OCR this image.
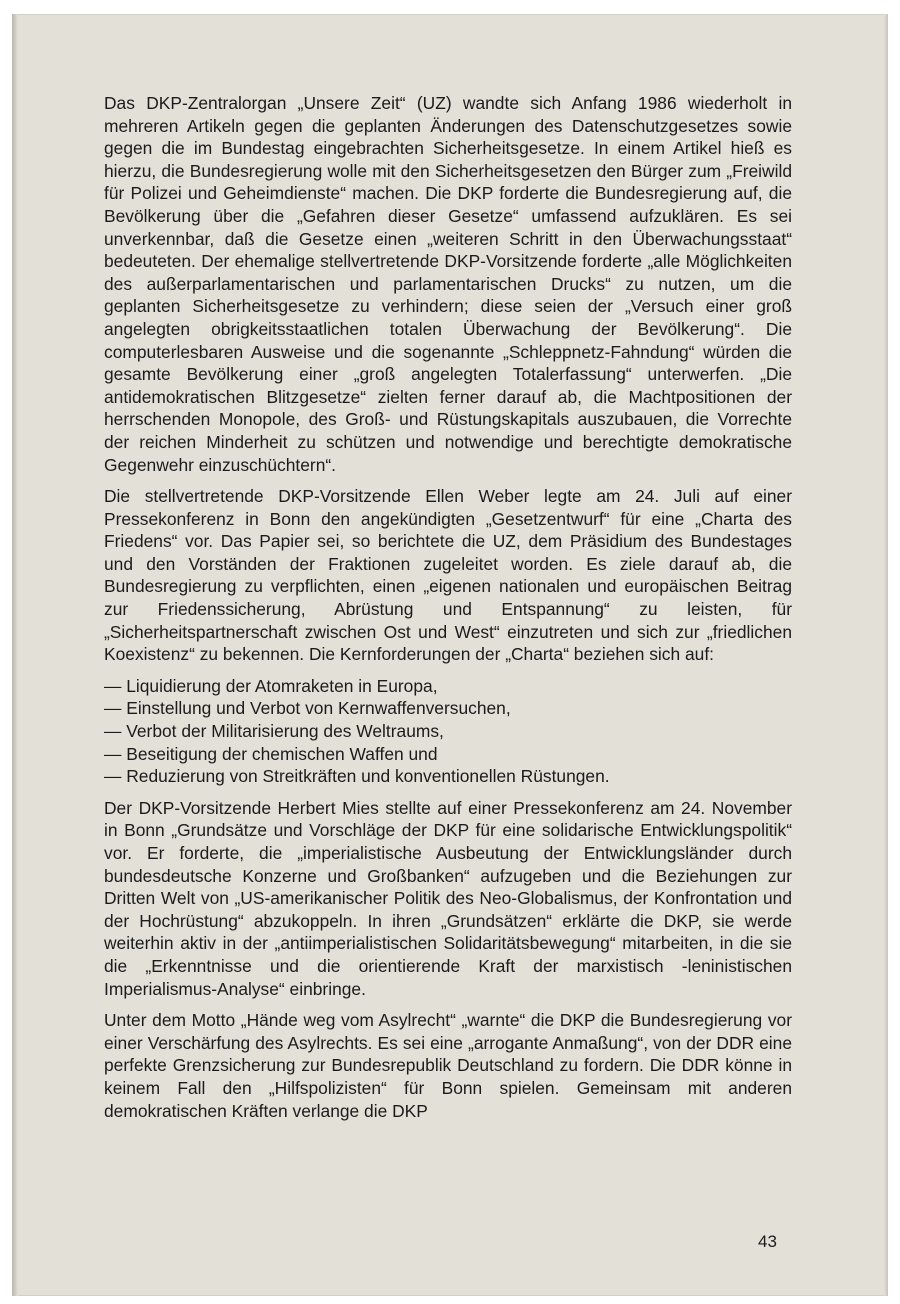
Das DKP-Zentralorgan „Unsere Zeit“ (UZ) wandte sich Anfang 1986 wiederholt in mehreren Artikeln gegen die geplanten Änderungen des Datenschutzgesetzes sowie gegen die im Bundestag eingebrachten Sicherheitsgesetze. In einem Artikel hieß es hierzu, die Bundesregierung wolle mit den Sicherheitsgesetzen den Bürger zum „Freiwild für Polizei und Geheimdienste“ machen. Die DKP forderte die Bundesregierung auf, die Bevölkerung über die „Gefahren dieser Gesetze“ umfassend aufzuklären. Es sei unverkennbar, daß die Gesetze einen „weiteren Schritt in den Überwachungsstaat“ bedeuteten. Der ehemalige stellvertretende DKP-Vorsitzende forderte „alle Möglichkeiten des außerparlamentarischen und parlamentarischen Drucks“ zu nutzen, um die geplanten Sicherheitsgesetze zu verhindern; diese seien der „Versuch einer groß angelegten obrigkeitsstaatlichen totalen Überwachung der Bevölkerung“. Die computerlesbaren Ausweise und die sogenannte „Schleppnetz-Fahndung“ würden die gesamte Bevölkerung einer „groß angelegten Totalerfassung“ unterwerfen. „Die antidemokratischen Blitzgesetze“ zielten ferner darauf ab, die Machtpositionen der herrschenden Monopole, des Groß- und Rüstungskapitals auszubauen, die Vorrechte der reichen Minderheit zu schützen und notwendige und berechtigte demokratische Gegenwehr einzuschüchtern“.

Die stellvertretende DKP-Vorsitzende Ellen Weber legte am 24. Juli auf einer Pressekonferenz in Bonn den angekündigten „Gesetzentwurf“ für eine „Charta des Friedens“ vor. Das Papier sei, so berichtete die UZ, dem Präsidium des Bundestages und den Vorständen der Fraktionen zugeleitet worden. Es ziele darauf ab, die Bundesregierung zu verpflichten, einen „eigenen nationalen und europäischen Beitrag zur Friedenssicherung, Abrüstung und Entspannung“ zu leisten, für „Sicherheitspartnerschaft zwischen Ost und West“ einzutreten und sich zur „friedlichen Koexistenz“ zu bekennen. Die Kernforderungen der „Charta“ beziehen sich auf:

— Liquidierung der Atomraketen in Europa,
— Einstellung und Verbot von Kernwaffenversuchen,
— Verbot der Militarisierung des Weltraums,
— Beseitigung der chemischen Waffen und
— Reduzierung von Streitkräften und konventionellen Rüstungen.

Der DKP-Vorsitzende Herbert Mies stellte auf einer Pressekonferenz am 24. November in Bonn „Grundsätze und Vorschläge der DKP für eine solidarische Entwicklungspolitik“ vor. Er forderte, die „imperialistische Ausbeutung der Entwicklungsländer durch bundesdeutsche Konzerne und Großbanken“ aufzugeben und die Beziehungen zur Dritten Welt von „US-amerikanischer Politik des Neo-Globalismus, der Konfrontation und der Hochrüstung“ abzukoppeln. In ihren „Grundsätzen“ erklärte die DKP, sie werde weiterhin aktiv in der „antiimperialistischen Solidaritätsbewegung“ mitarbeiten, in die sie die „Erkenntnisse und die orientierende Kraft der marxistisch -leninistischen Imperialismus-Analyse“ einbringe.

Unter dem Motto „Hände weg vom Asylrecht“ „warnte“ die DKP die Bundesregierung vor einer Verschärfung des Asylrechts. Es sei eine „arrogante Anmaßung“, von der DDR eine perfekte Grenzsicherung zur Bundesrepublik Deutschland zu fordern. Die DDR könne in keinem Fall den „Hilfspolizisten“ für Bonn spielen. Gemeinsam mit anderen demokratischen Kräften verlange die DKP

43
